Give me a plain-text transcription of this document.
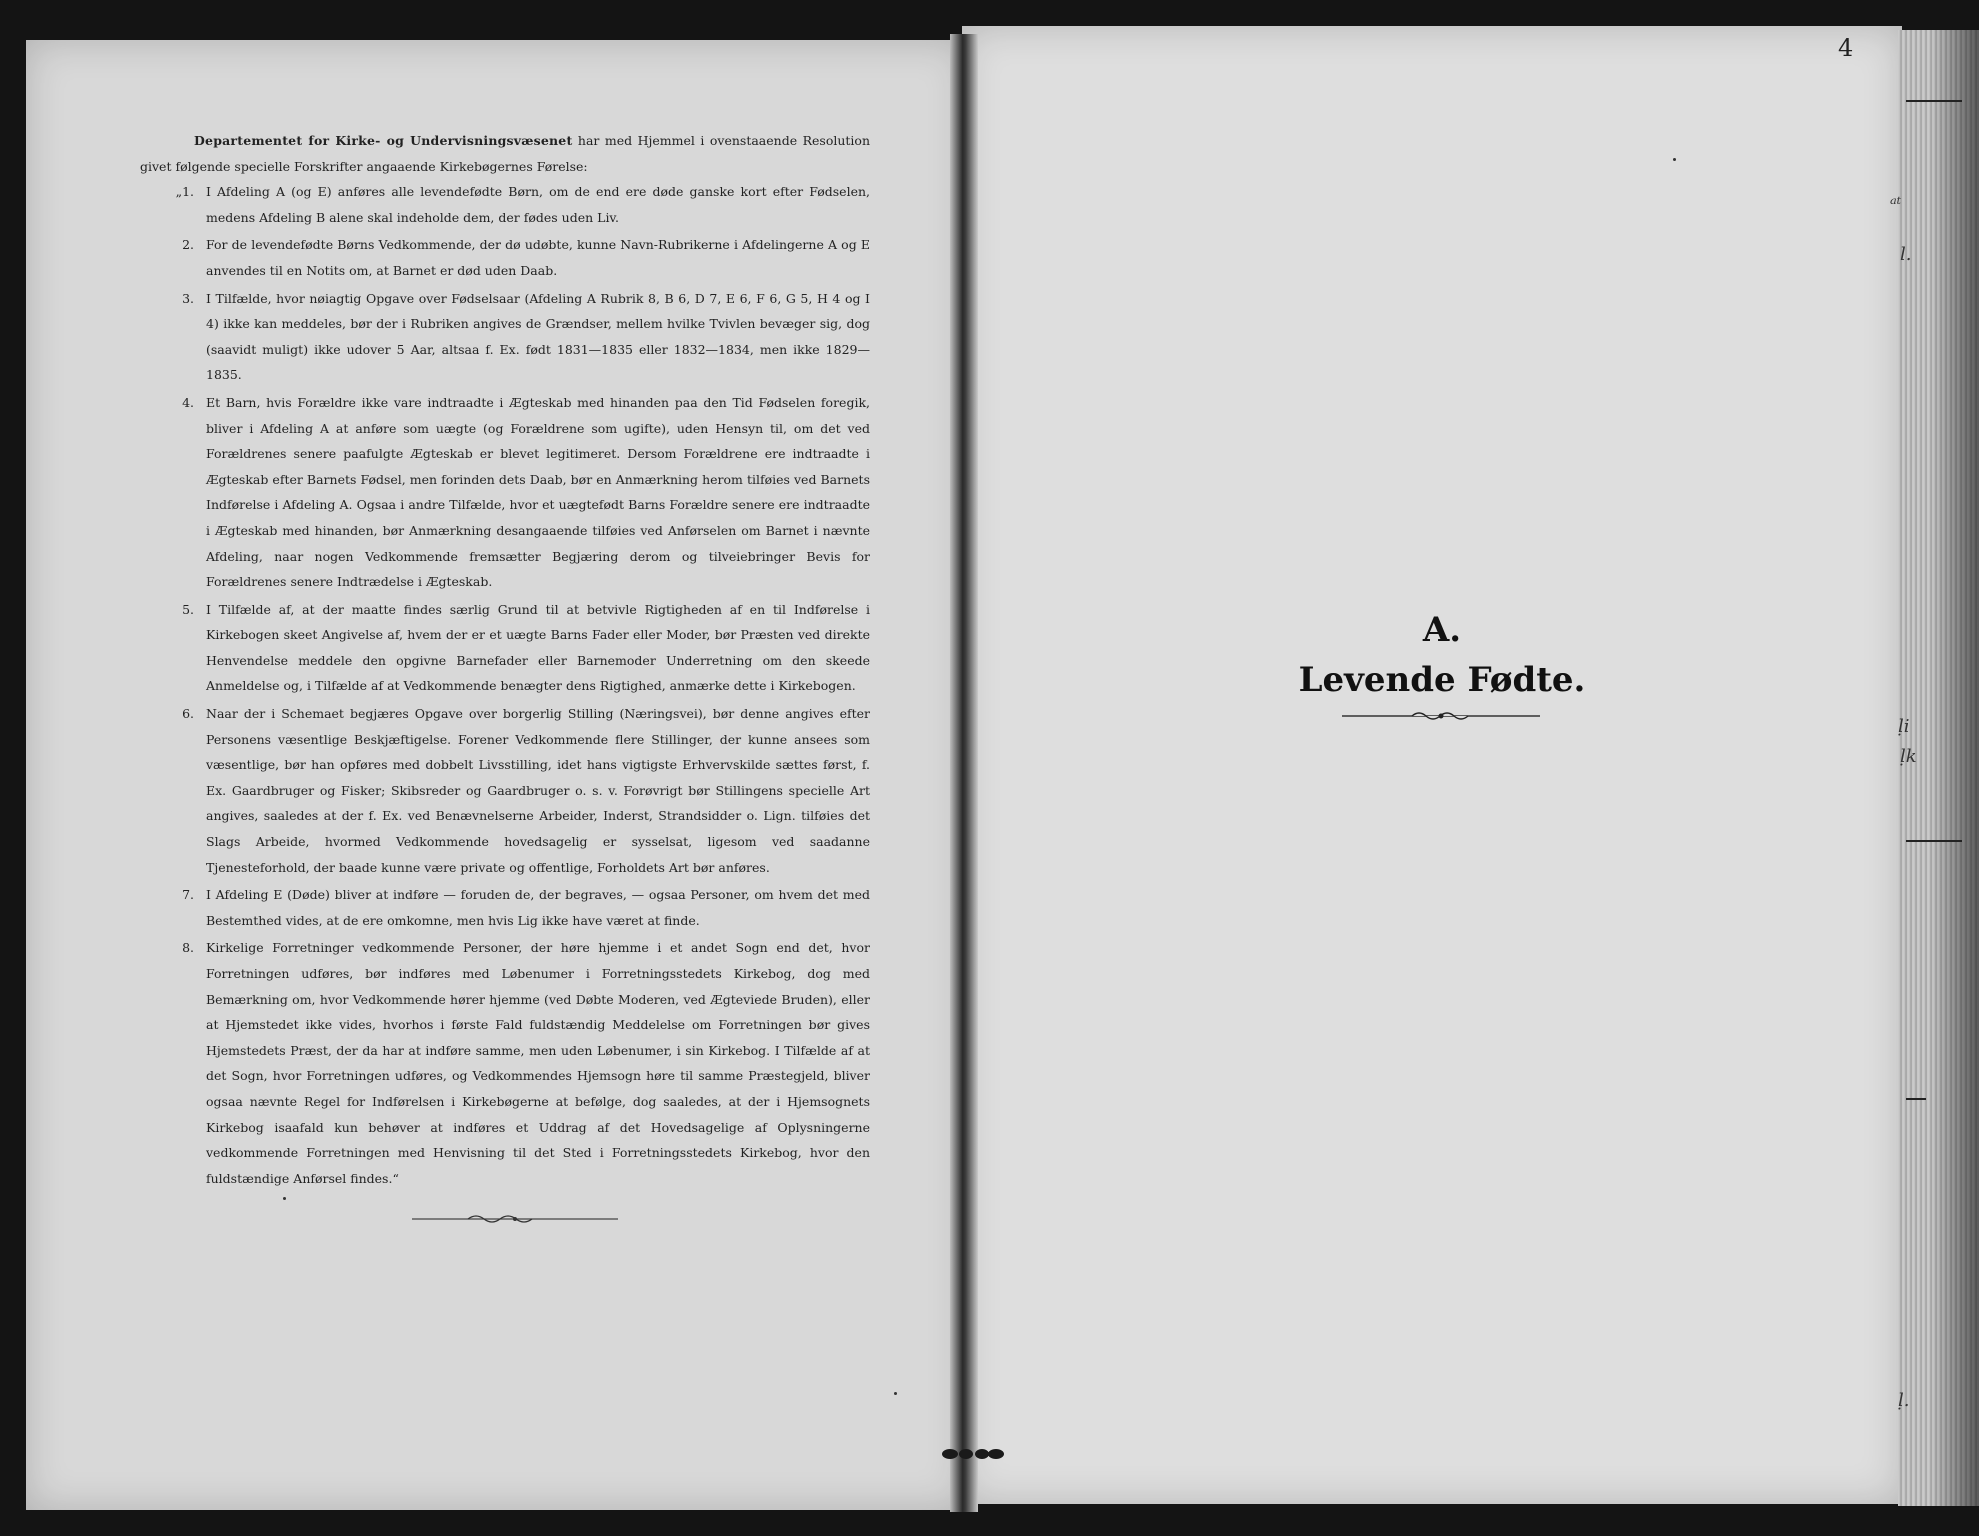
ᵃᵗ
l.
ḷi
ḷk
ḷ.

Departementet for Kirke- og Undervisningsvæsenet har med Hjemmel i ovenstaaende Resolution givet følgende specielle Forskrifter angaaende Kirkebøgernes Førelse:

„1. I Afdeling A (og E) anføres alle levendefødte Børn, om de end ere døde ganske kort efter Fødselen, medens Afdeling B alene skal indeholde dem, der fødes uden Liv.
2. For de levendefødte Børns Vedkommende, der dø udøbte, kunne Navn-Rubrikerne i Afdelingerne A og E anvendes til en Notits om, at Barnet er død uden Daab.
3. I Tilfælde, hvor nøiagtig Opgave over Fødselsaar (Afdeling A Rubrik 8, B 6, D 7, E 6, F 6, G 5, H 4 og I 4) ikke kan meddeles, bør der i Rubriken angives de Grændser, mellem hvilke Tvivlen bevæger sig, dog (saavidt muligt) ikke udover 5 Aar, altsaa f. Ex. født 1831—1835 eller 1832—1834, men ikke 1829—1835.
4. Et Barn, hvis Forældre ikke vare indtraadte i Ægteskab med hinanden paa den Tid Fødselen foregik, bliver i Afdeling A at anføre som uægte (og Forældrene som ugifte), uden Hensyn til, om det ved Forældrenes senere paafulgte Ægteskab er blevet legitimeret. Dersom Forældrene ere indtraadte i Ægteskab efter Barnets Fødsel, men forinden dets Daab, bør en Anmærkning herom tilføies ved Barnets Indførelse i Afdeling A. Ogsaa i andre Tilfælde, hvor et uægtefødt Barns Forældre senere ere indtraadte i Ægteskab med hinanden, bør Anmærkning desangaaende tilføies ved Anførselen om Barnet i nævnte Afdeling, naar nogen Vedkommende fremsætter Begjæring derom og tilveiebringer Bevis for Forældrenes senere Indtrædelse i Ægteskab.
5. I Tilfælde af, at der maatte findes særlig Grund til at betvivle Rigtigheden af en til Indførelse i Kirkebogen skeet Angivelse af, hvem der er et uægte Barns Fader eller Moder, bør Præsten ved direkte Henvendelse meddele den opgivne Barnefader eller Barnemoder Underretning om den skeede Anmeldelse og, i Tilfælde af at Vedkommende benægter dens Rigtighed, anmærke dette i Kirkebogen.
6. Naar der i Schemaet begjæres Opgave over borgerlig Stilling (Næringsvei), bør denne angives efter Personens væsentlige Beskjæftigelse. Forener Vedkommende flere Stillinger, der kunne ansees som væsentlige, bør han opføres med dobbelt Livsstilling, idet hans vigtigste Erhvervskilde sættes først, f. Ex. Gaardbruger og Fisker; Skibsreder og Gaardbruger o. s. v. Forøvrigt bør Stillingens specielle Art angives, saaledes at der f. Ex. ved Benævnelserne Arbeider, Inderst, Strandsidder o. Lign. tilføies det Slags Arbeide, hvormed Vedkommende hovedsagelig er sysselsat, ligesom ved saadanne Tjenesteforhold, der baade kunne være private og offentlige, Forholdets Art bør anføres.
7. I Afdeling E (Døde) bliver at indføre — foruden de, der begraves, — ogsaa Personer, om hvem det med Bestemthed vides, at de ere omkomne, men hvis Lig ikke have været at finde.
8. Kirkelige Forretninger vedkommende Personer, der høre hjemme i et andet Sogn end det, hvor Forretningen udføres, bør indføres med Løbenumer i Forretningsstedets Kirkebog, dog med Bemærkning om, hvor Vedkommende hører hjemme (ved Døbte Moderen, ved Ægteviede Bruden), eller at Hjemstedet ikke vides, hvorhos i første Fald fuldstændig Meddelelse om Forretningen bør gives Hjemstedets Præst, der da har at indføre samme, men uden Løbenumer, i sin Kirkebog. I Tilfælde af at det Sogn, hvor Forretningen udføres, og Vedkommendes Hjemsogn høre til samme Præstegjeld, bliver ogsaa nævnte Regel for Indførelsen i Kirkebøgerne at befølge, dog saaledes, at der i Hjemsognets Kirkebog isaafald kun behøver at indføres et Uddrag af det Hovedsagelige af Oplysningerne vedkommende Forretningen med Henvisning til det Sted i Forretningsstedets Kirkebog, hvor den fuldstændige Anførsel findes.“
4
A.
Levende Fødte.
